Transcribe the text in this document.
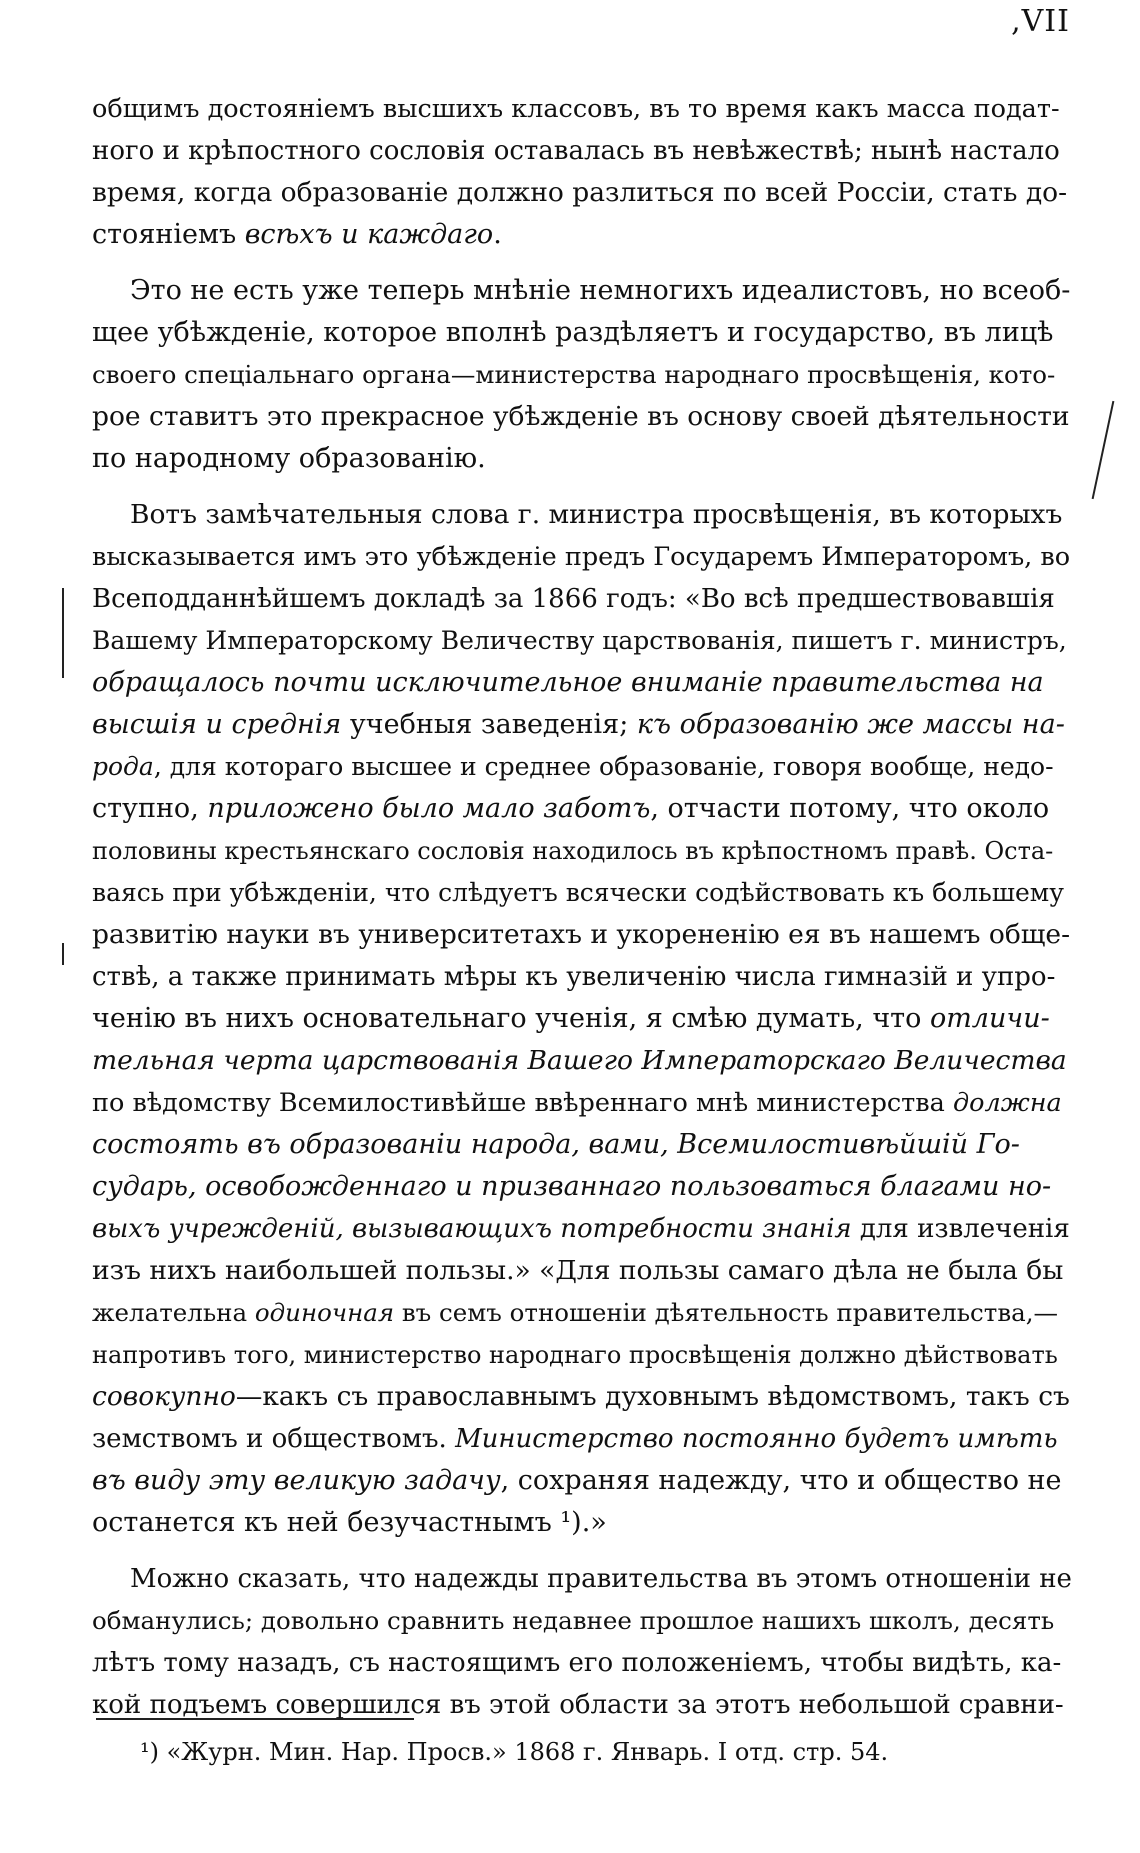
,VII
общимъ достояніемъ высшихъ классовъ, въ то время какъ масса подат-
ного и крѣпостного сословія оставалась въ невѣжествѣ; нынѣ настало
время, когда образованіе должно разлиться по всей Россіи, стать до-
стояніемъ всѣхъ и каждаго.
Это не есть уже теперь мнѣніе немногихъ идеалистовъ, но всеоб-
щее убѣжденіе, которое вполнѣ раздѣляетъ и государство, въ лицѣ
своего спеціальнаго органа—министерства народнаго просвѣщенія, кото-
рое ставитъ это прекрасное убѣжденіе въ основу своей дѣятельности
по народному образованію.
Вотъ замѣчательныя слова г. министра просвѣщенія, въ которыхъ
высказывается имъ это убѣжденіе предъ Государемъ Императоромъ, во
Всеподданнѣйшемъ докладѣ за 1866 годъ: «Во всѣ предшествовавшія
Вашему Императорскому Величеству царствованія, пишетъ г. министръ,
обращалось почти исключительное вниманіе правительства на
высшія и среднія учебныя заведенія; къ образованію же массы на-
рода, для котораго высшее и среднее образованіе, говоря вообще, недо-
ступно, приложено было мало заботъ, отчасти потому, что около
половины крестьянскаго сословія находилось въ крѣпостномъ правѣ. Оста-
ваясь при убѣжденіи, что слѣдуетъ всячески содѣйствовать къ большему
развитію науки въ университетахъ и укорененію ея въ нашемъ обще-
ствѣ, а также принимать мѣры къ увеличенію числа гимназій и упро-
ченію въ нихъ основательнаго ученія, я смѣю думать, что отличи-
тельная черта царствованія Вашего Императорскаго Величества
по вѣдомству Всемилостивѣйше ввѣреннаго мнѣ министерства должна
состоять въ образованіи народа, вами, Всемилостивѣйшій Го-
сударь, освобожденнаго и призваннаго пользоваться благами но-
выхъ учрежденій, вызывающихъ потребности знанія для извлеченія
изъ нихъ наибольшей пользы.» «Для пользы самаго дѣла не была бы
желательна одиночная въ семъ отношеніи дѣятельность правительства,—
напротивъ того, министерство народнаго просвѣщенія должно дѣйствовать
совокупно—какъ съ православнымъ духовнымъ вѣдомствомъ, такъ съ
земствомъ и обществомъ. Министерство постоянно будетъ имѣть
въ виду эту великую задачу, сохраняя надежду, что и общество не
останется къ ней безучастнымъ ¹).»
Можно сказать, что надежды правительства въ этомъ отношеніи не
обманулись; довольно сравнить недавнее прошлое нашихъ школъ, десять
лѣтъ тому назадъ, съ настоящимъ его положеніемъ, чтобы видѣть, ка-
кой подъемъ совершился въ этой области за этотъ небольшой сравни-
¹) «Журн. Мин. Нар. Просв.» 1868 г. Январь. I отд. стр. 54.
